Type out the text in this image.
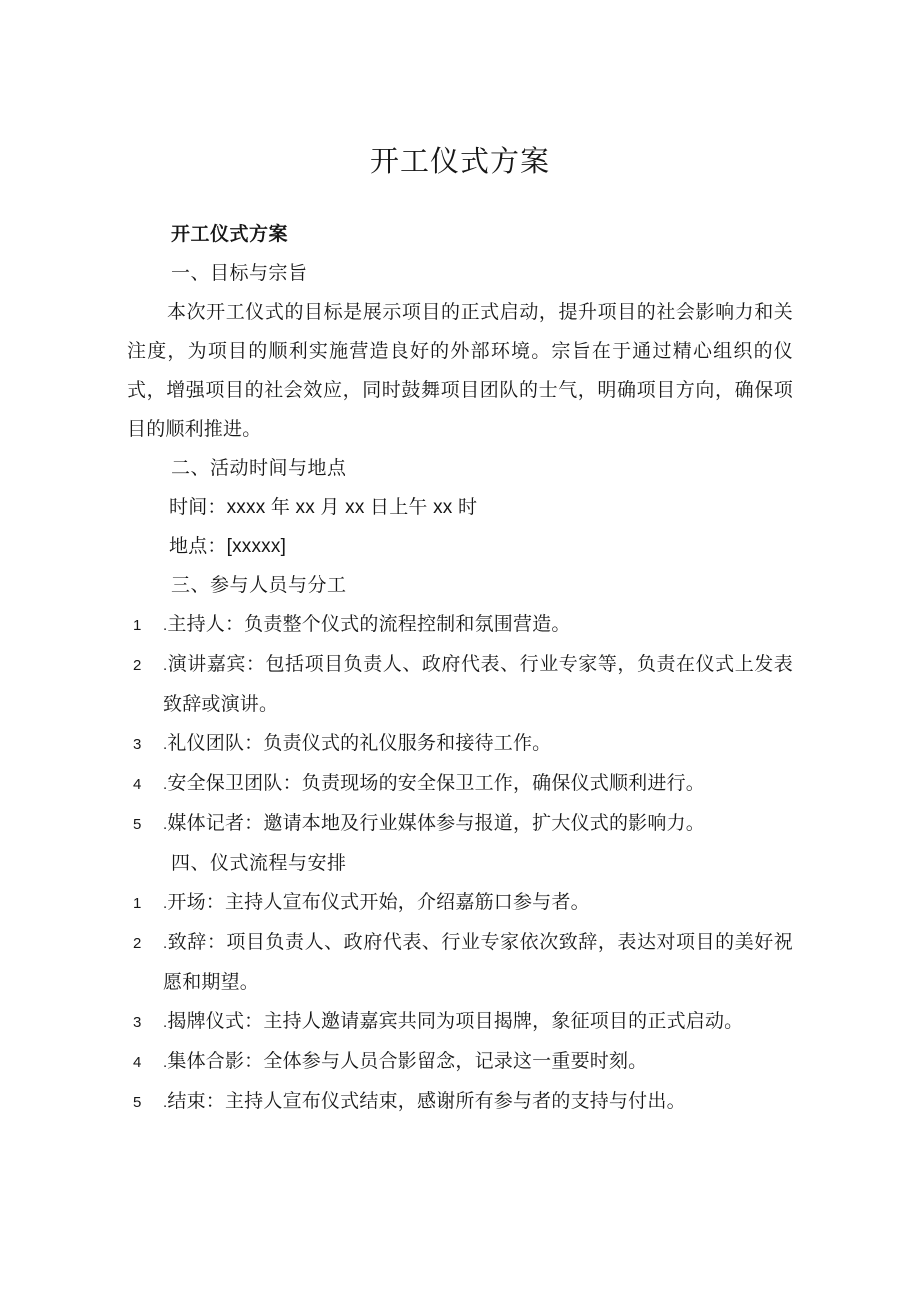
开工仪式方案
开工仪式方案
一、目标与宗旨
本次开工仪式的目标是展示项目的正式启动，提升项目的社会影响力和关注度，为项目的顺利实施营造良好的外部环境。宗旨在于通过精心组织的仪式，增强项目的社会效应，同时鼓舞项目团队的士气，明确项目方向，确保项目的顺利推进。
二、活动时间与地点
时间：xxxx 年 xx 月 xx 日上午 xx 时
地点：[xxxxx]
三、参与人员与分工
1 .主持人：负责整个仪式的流程控制和氛围营造。
2 .演讲嘉宾：包括项目负责人、政府代表、行业专家等，负责在仪式上发表致辞或演讲。
3 .礼仪团队：负责仪式的礼仪服务和接待工作。
4 .安全保卫团队：负责现场的安全保卫工作，确保仪式顺利进行。
5 .媒体记者：邀请本地及行业媒体参与报道，扩大仪式的影响力。
四、仪式流程与安排
1 .开场：主持人宣布仪式开始，介绍嘉筋口参与者。
2 .致辞：项目负责人、政府代表、行业专家依次致辞，表达对项目的美好祝愿和期望。
3 .揭牌仪式：主持人邀请嘉宾共同为项目揭牌，象征项目的正式启动。
4 .集体合影：全体参与人员合影留念，记录这一重要时刻。
5 .结束：主持人宣布仪式结束，感谢所有参与者的支持与付出。
